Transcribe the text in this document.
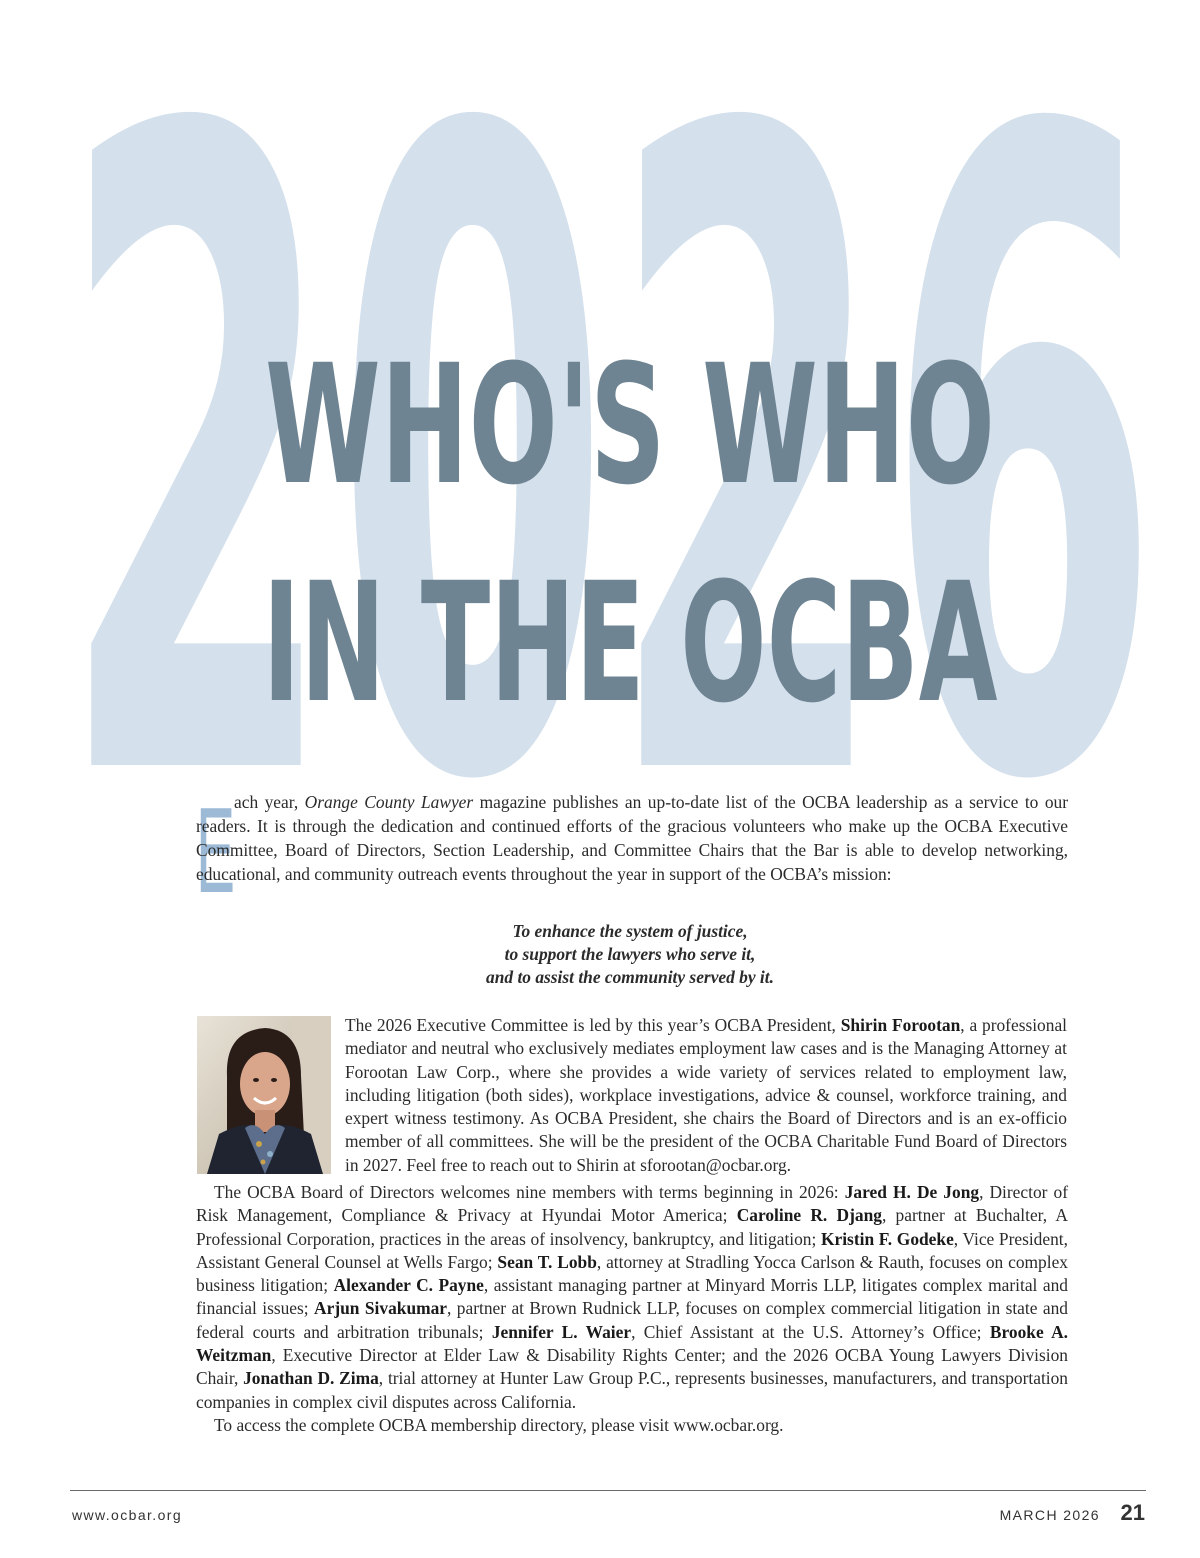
2026
WHO'S WHO
IN THE OCBA
E

ach year, Orange County Lawyer magazine publishes an up-to-date list of the OCBA leadership as a service to our readers. It is through the dedication and continued efforts of the gracious volunteers who make up the OCBA Executive Committee, Board of Directors, Section Leadership, and Committee Chairs that the Bar is able to develop networking, educational, and community outreach events throughout the year in support of the OCBA’s mission:

To enhance the system of justice,
to support the lawyers who serve it,
and to assist the community served by it.
The 2026 Executive Committee is led by this year’s OCBA President, Shirin Forootan, a professional mediator and neutral who exclusively mediates employment law cases and is the Managing Attorney at Forootan Law Corp., where she provides a wide variety of services related to employment law, including litigation (both sides), workplace investigations, advice & counsel, workforce training, and expert witness testimony. As OCBA President, she chairs the Board of Directors and is an ex-officio member of all committees. She will be the president of the OCBA Charitable Fund Board of Directors in 2027. Feel free to reach out to Shirin at sforootan@ocbar.org.

The OCBA Board of Directors welcomes nine members with terms beginning in 2026: Jared H. De Jong, Director of Risk Management, Compliance & Privacy at Hyundai Motor America; Caroline R. Djang, partner at Buchalter, A Professional Corporation, practices in the areas of insolvency, bankruptcy, and litigation; Kristin F. Godeke, Vice President, Assistant General Counsel at Wells Fargo; Sean T. Lobb, attorney at Stradling Yocca Carlson & Rauth, focuses on complex business litigation; Alexander C. Payne, assistant managing partner at Minyard Morris LLP, litigates complex marital and financial issues; Arjun Sivakumar, partner at Brown Rudnick LLP, focuses on complex commercial litigation in state and federal courts and arbitration tribunals; Jennifer L. Waier, Chief Assistant at the U.S. Attorney’s Office; Brooke A. Weitzman, Executive Director at Elder Law & Disability Rights Center; and the 2026 OCBA Young Lawyers Division Chair, Jonathan D. Zima, trial attorney at Hunter Law Group P.C., represents businesses, manufacturers, and transportation companies in complex civil disputes across California.

To access the complete OCBA membership directory, please visit www.ocbar.org.

www.ocbar.org	MARCH 2026 21
